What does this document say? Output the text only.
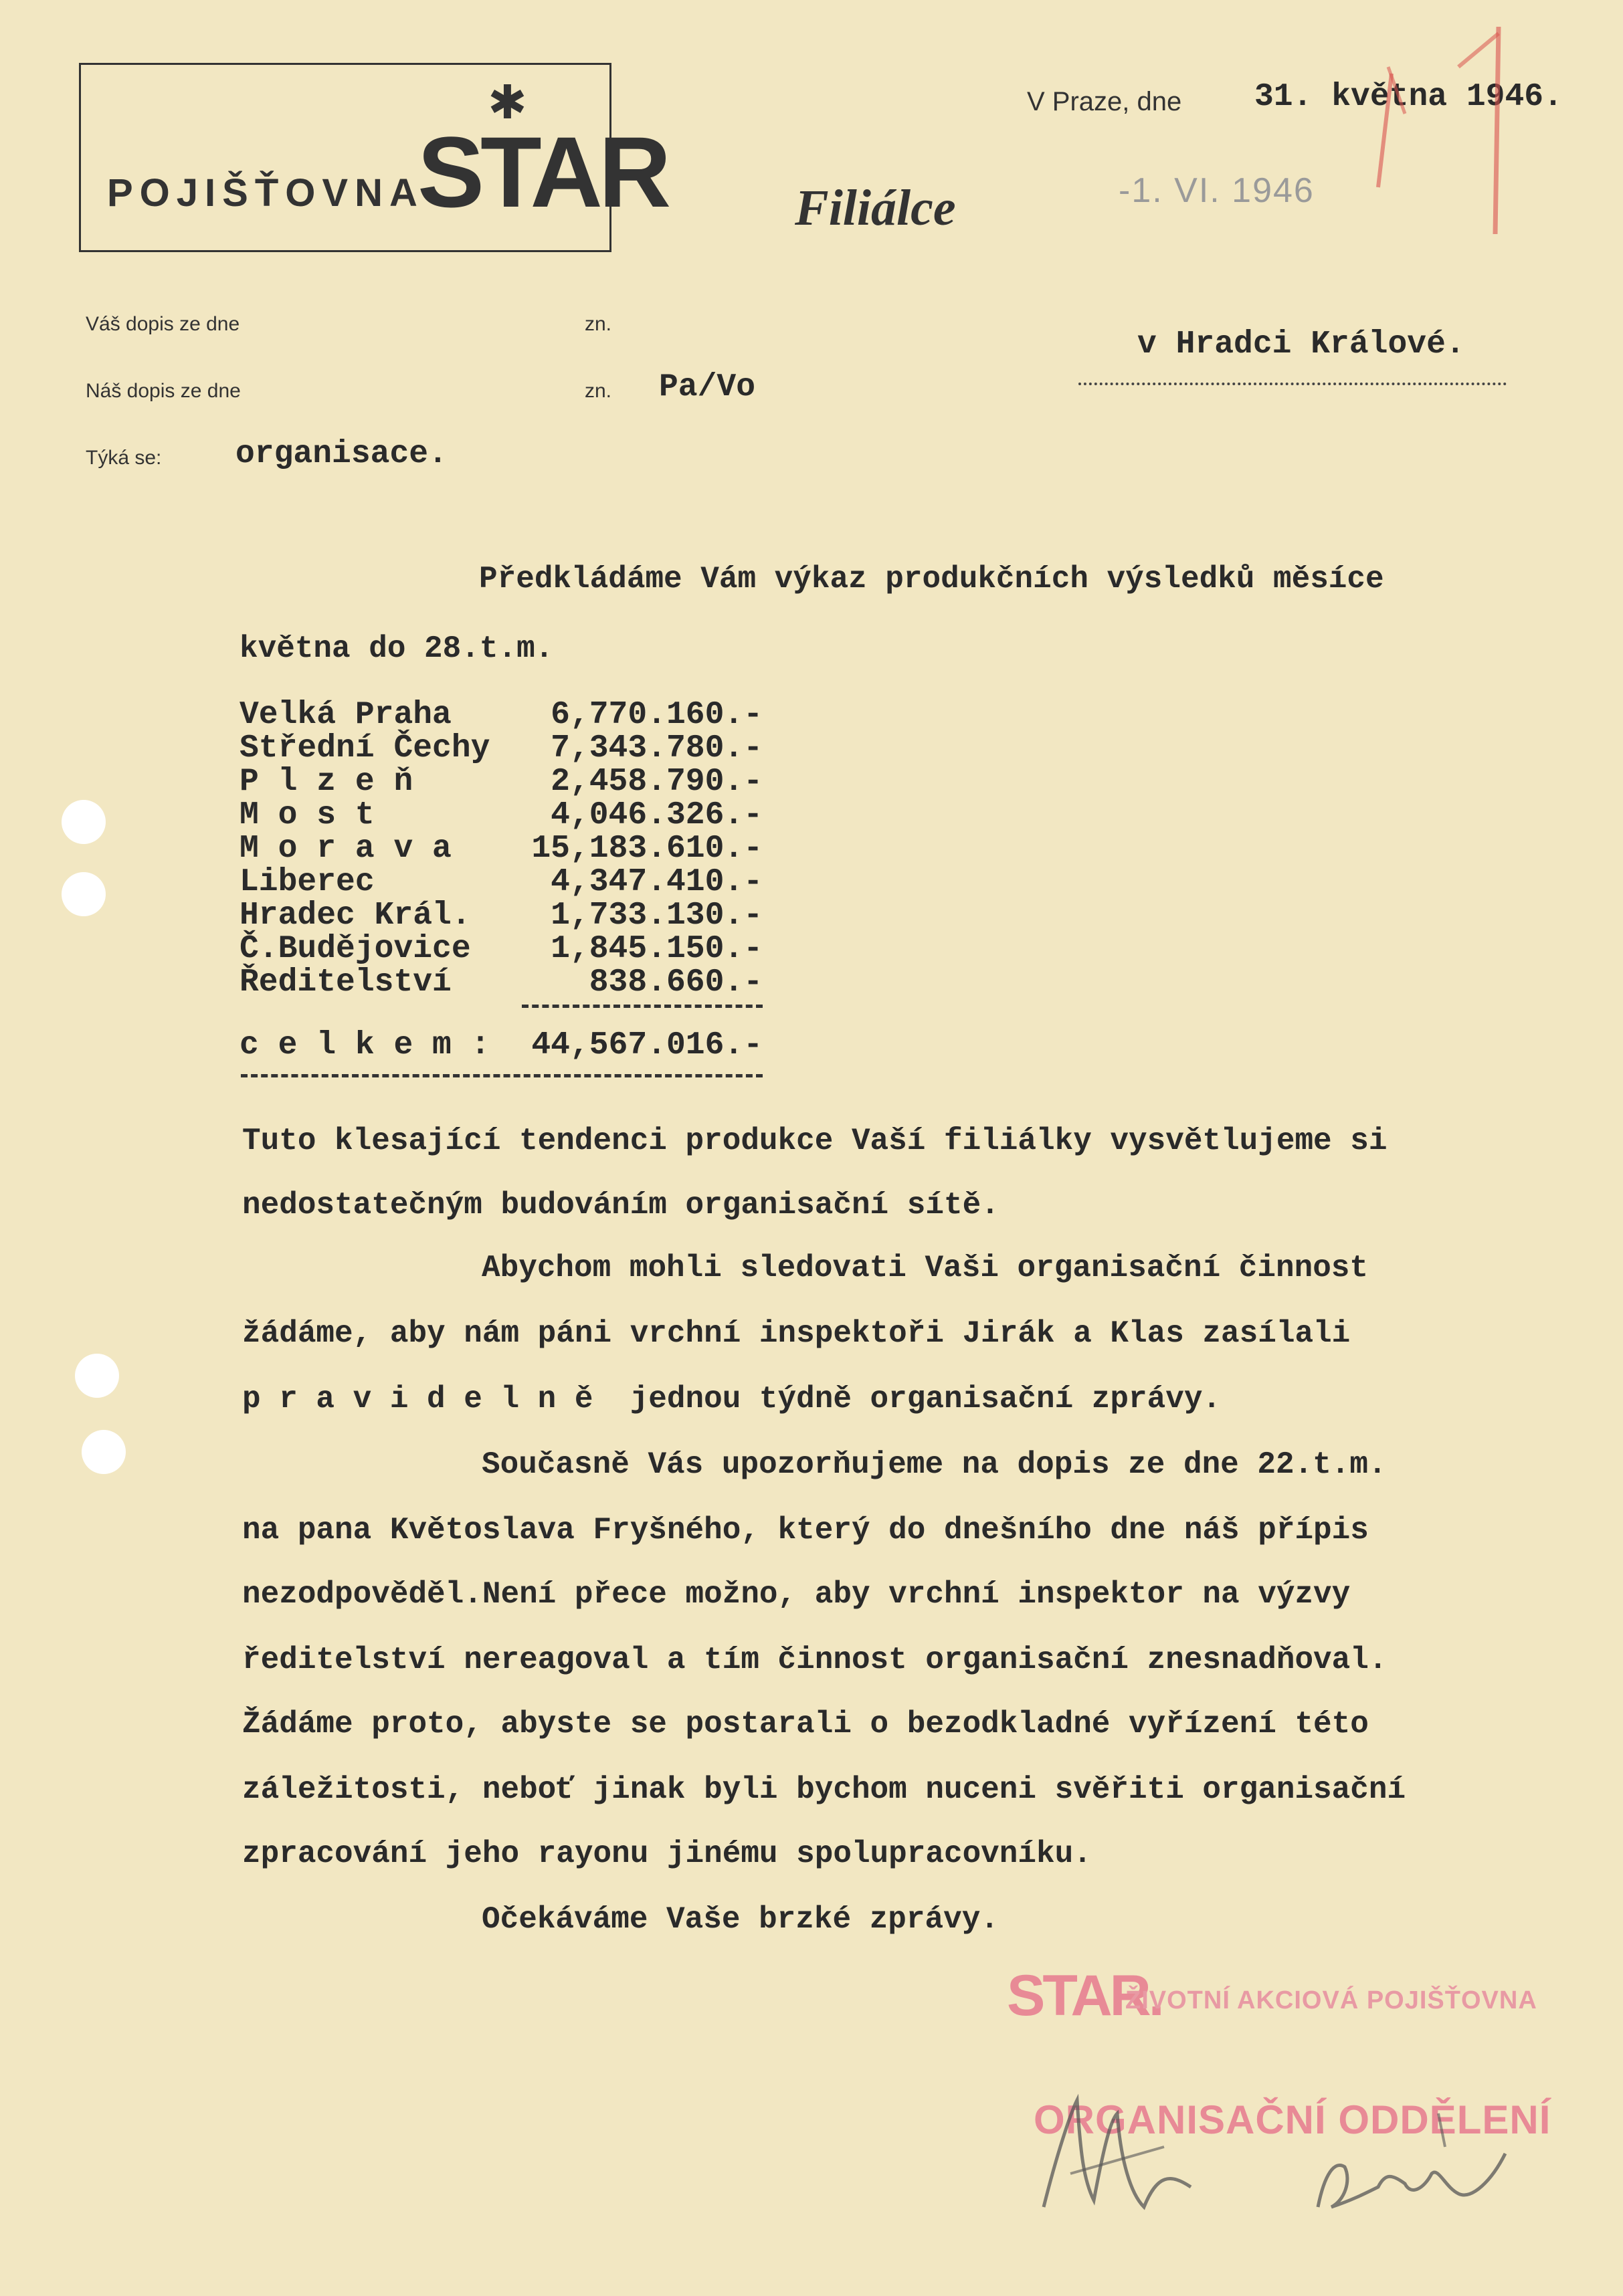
POJIŠŤOVNA
STAR
✱	V Praze, dne 31. května 1946.
Filiálce	-1. VI. 1946
Váš dopis ze dne	zn.
Náš dopis ze dne	zn. Pa/Vo
Týká se: organisace.
v Hradci Králové.
Předkládáme Vám výkaz produkčních výsledků měsíce
května do 28.t.m.
Velká Praha	6,770.160.-
Střední Čechy	7,343.780.-
P l z e ň	2,458.790.-
M o s t	4,046.326.-
M o r a v a	15,183.610.-
Liberec	4,347.410.-
Hradec Král.	1,733.130.-
Č.Budějovice	1,845.150.-
Ředitelství	838.660.-
c e l k e m :	44,567.016.-
Tuto klesající tendenci produkce Vaší filiálky vysvětlujeme si
nedostatečným budováním organisační sítě.
Abychom mohli sledovati Vaši organisační činnost
žádáme, aby nám páni vrchní inspektoři Jirák a Klas zasílali
p r a v i d e l n ě  jednou týdně organisační zprávy.
Současně Vás upozorňujeme na dopis ze dne 22.t.m.
na pana Květoslava Fryšného, který do dnešního dne náš přípis
nezodpověděl.Není přece možno, aby vrchní inspektor na výzvy
ředitelství nereagoval a tím činnost organisační znesnadňoval.
Žádáme proto, abyste se postarali o bezodkladné vyřízení této
záležitosti, neboť jinak byli bychom nuceni svěřiti organisační
zpracování jeho rayonu jinému spolupracovníku.
Očekáváme Vaše brzké zprávy.
STAR.
ŽIVOTNÍ AKCIOVÁ POJIŠŤOVNA
ORGANISAČNÍ ODDĚLENÍ
